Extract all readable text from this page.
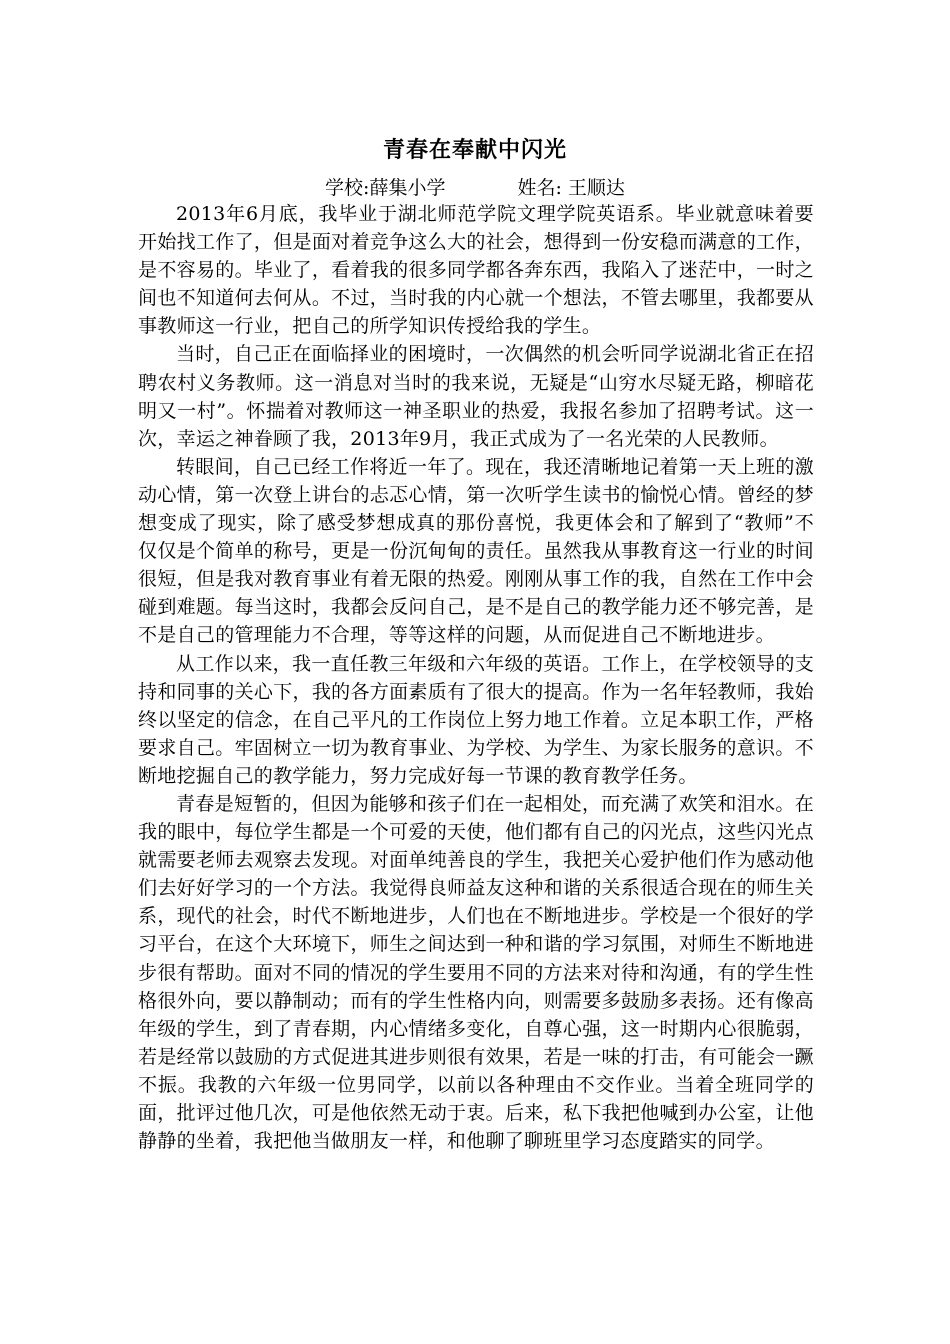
青春在奉献中闪光
学校:薛集小学	姓名: 王顺达

2013年6月底，我毕业于湖北师范学院文理学院英语系。毕业就意味着要开始找工作了，但是面对着竞争这么大的社会，想得到一份安稳而满意的工作，是不容易的。毕业了，看着我的很多同学都各奔东西，我陷入了迷茫中，一时之间也不知道何去何从。不过，当时我的内心就一个想法，不管去哪里，我都要从事教师这一行业，把自己的所学知识传授给我的学生。

当时，自己正在面临择业的困境时，一次偶然的机会听同学说湖北省正在招聘农村义务教师。这一消息对当时的我来说，无疑是“山穷水尽疑无路，柳暗花明又一村”。怀揣着对教师这一神圣职业的热爱，我报名参加了招聘考试。这一次，幸运之神眷顾了我，2013年9月，我正式成为了一名光荣的人民教师。

转眼间，自己已经工作将近一年了。现在，我还清晰地记着第一天上班的激动心情，第一次登上讲台的忐忑心情，第一次听学生读书的愉悦心情。曾经的梦想变成了现实，除了感受梦想成真的那份喜悦，我更体会和了解到了“教师”不仅仅是个简单的称号，更是一份沉甸甸的责任。虽然我从事教育这一行业的时间很短，但是我对教育事业有着无限的热爱。刚刚从事工作的我，自然在工作中会碰到难题。每当这时，我都会反问自己，是不是自己的教学能力还不够完善，是不是自己的管理能力不合理，等等这样的问题，从而促进自己不断地进步。

从工作以来，我一直任教三年级和六年级的英语。工作上，在学校领导的支持和同事的关心下，我的各方面素质有了很大的提高。作为一名年轻教师，我始终以坚定的信念，在自己平凡的工作岗位上努力地工作着。立足本职工作，严格要求自己。牢固树立一切为教育事业、为学校、为学生、为家长服务的意识。不断地挖掘自己的教学能力，努力完成好每一节课的教育教学任务。

青春是短暂的，但因为能够和孩子们在一起相处，而充满了欢笑和泪水。在我的眼中，每位学生都是一个可爱的天使，他们都有自己的闪光点，这些闪光点就需要老师去观察去发现。对面单纯善良的学生，我把关心爱护他们作为感动他们去好好学习的一个方法。我觉得良师益友这种和谐的关系很适合现在的师生关系，现代的社会，时代不断地进步，人们也在不断地进步。学校是一个很好的学习平台，在这个大环境下，师生之间达到一种和谐的学习氛围，对师生不断地进步很有帮助。面对不同的情况的学生要用不同的方法来对待和沟通，有的学生性格很外向，要以静制动；而有的学生性格内向，则需要多鼓励多表扬。还有像高年级的学生，到了青春期，内心情绪多变化，自尊心强，这一时期内心很脆弱，若是经常以鼓励的方式促进其进步则很有效果，若是一味的打击，有可能会一蹶不振。我教的六年级一位男同学，以前以各种理由不交作业。当着全班同学的面，批评过他几次，可是他依然无动于衷。后来，私下我把他喊到办公室，让他静静的坐着，我把他当做朋友一样，和他聊了聊班里学习态度踏实的同学。
